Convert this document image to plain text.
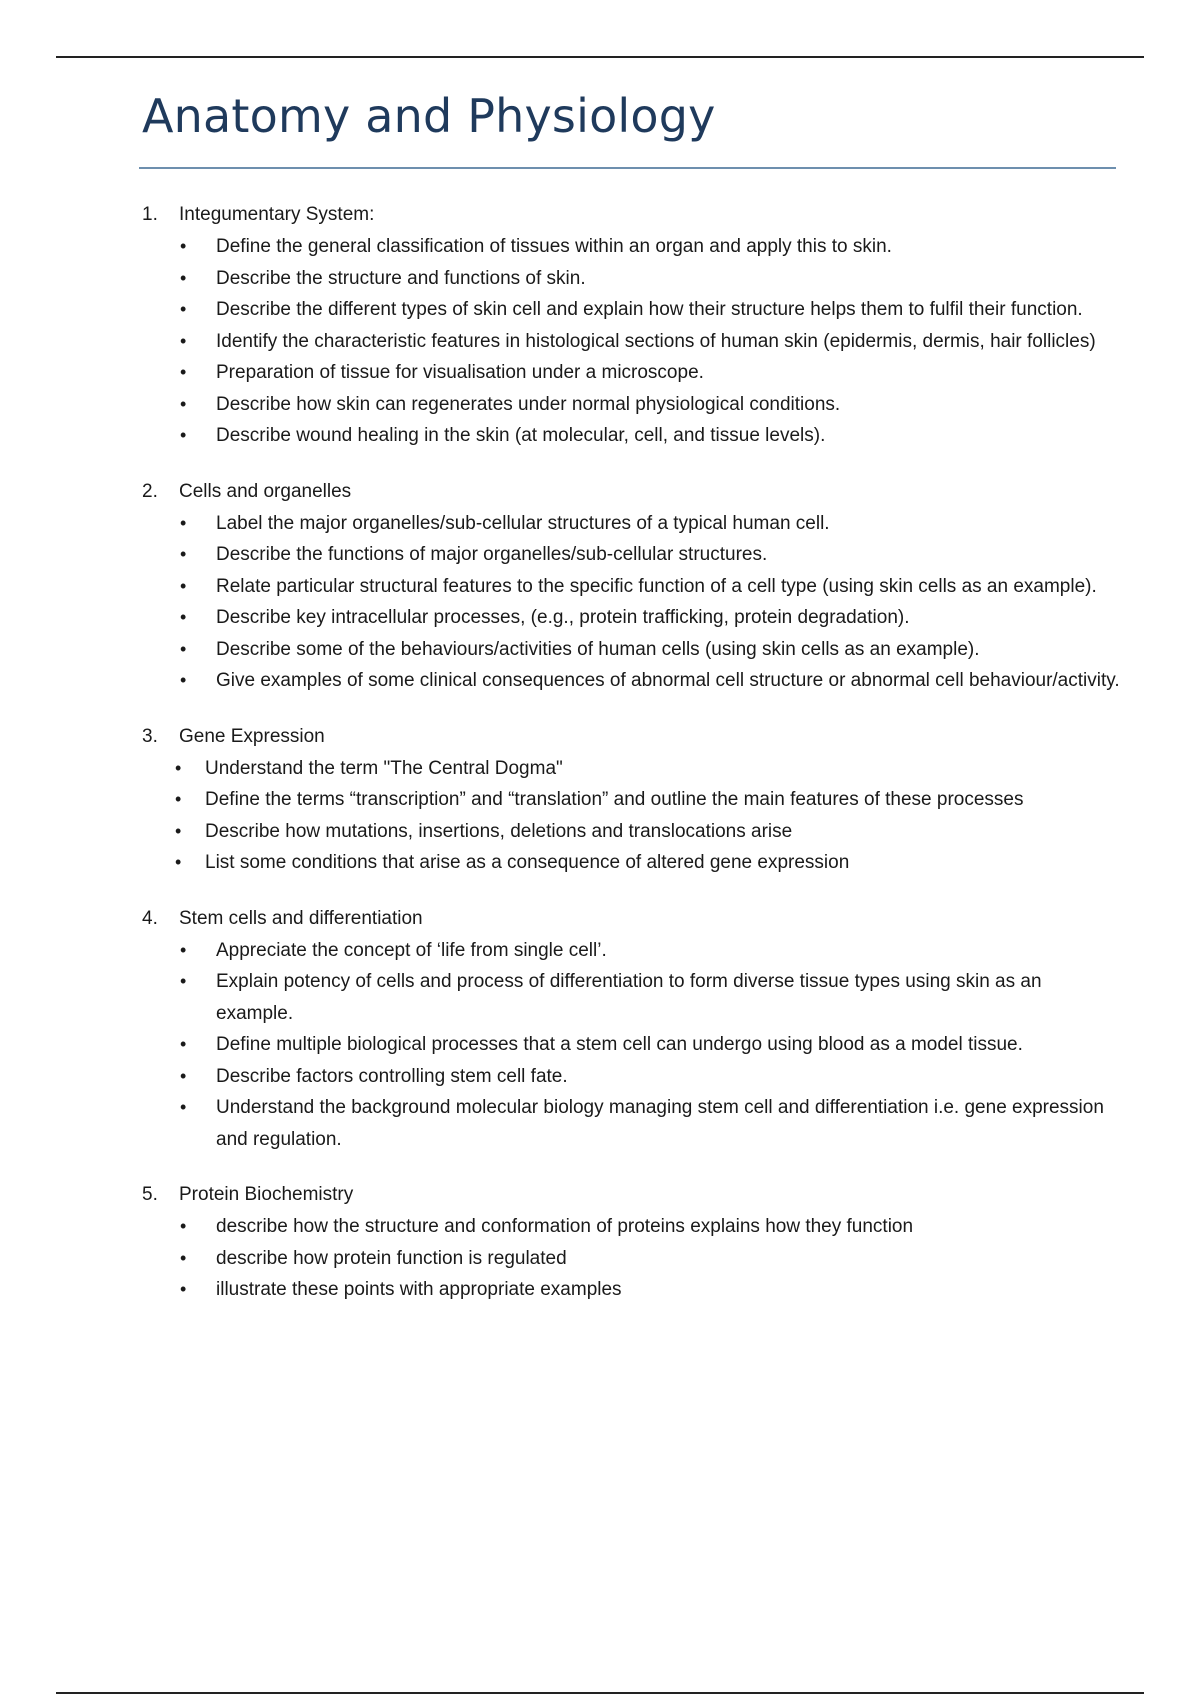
Anatomy and Physiology
1.	Integumentary System:
•	Define the general classification of tissues within an organ and apply this to skin.
•	Describe the structure and functions of skin.
•	Describe the different types of skin cell and explain how their structure helps them to fulfil their function.
•	Identify the characteristic features in histological sections of human skin (epidermis, dermis, hair follicles)
•	Preparation of tissue for visualisation under a microscope.
•	Describe how skin can regenerates under normal physiological conditions.
•	Describe wound healing in the skin (at molecular, cell, and tissue levels).
2.	Cells and organelles
•	Label the major organelles/sub-cellular structures of a typical human cell.
•	Describe the functions of major organelles/sub-cellular structures.
•	Relate particular structural features to the specific function of a cell type (using skin cells as an example).
•	Describe key intracellular processes, (e.g., protein trafficking, protein degradation).
•	Describe some of the behaviours/activities of human cells (using skin cells as an example).
•	Give examples of some clinical consequences of abnormal cell structure or abnormal cell behaviour/activity.
3.	Gene Expression
•	Understand the term "The Central Dogma"
•	Define the terms “transcription” and “translation” and outline the main features of these processes
•	Describe how mutations, insertions, deletions and translocations arise
•	List some conditions that arise as a consequence of altered gene expression
4.	Stem cells and differentiation
•	Appreciate the concept of ‘life from single cell’.
•	Explain potency of cells and process of differentiation to form diverse tissue types using skin as an example.
•	Define multiple biological processes that a stem cell can undergo using blood as a model tissue.
•	Describe factors controlling stem cell fate.
•	Understand the background molecular biology managing stem cell and differentiation i.e. gene expression and regulation.
5.	Protein Biochemistry
•	describe how the structure and conformation of proteins explains how they function
•	describe how protein function is regulated
•	illustrate these points with appropriate examples
